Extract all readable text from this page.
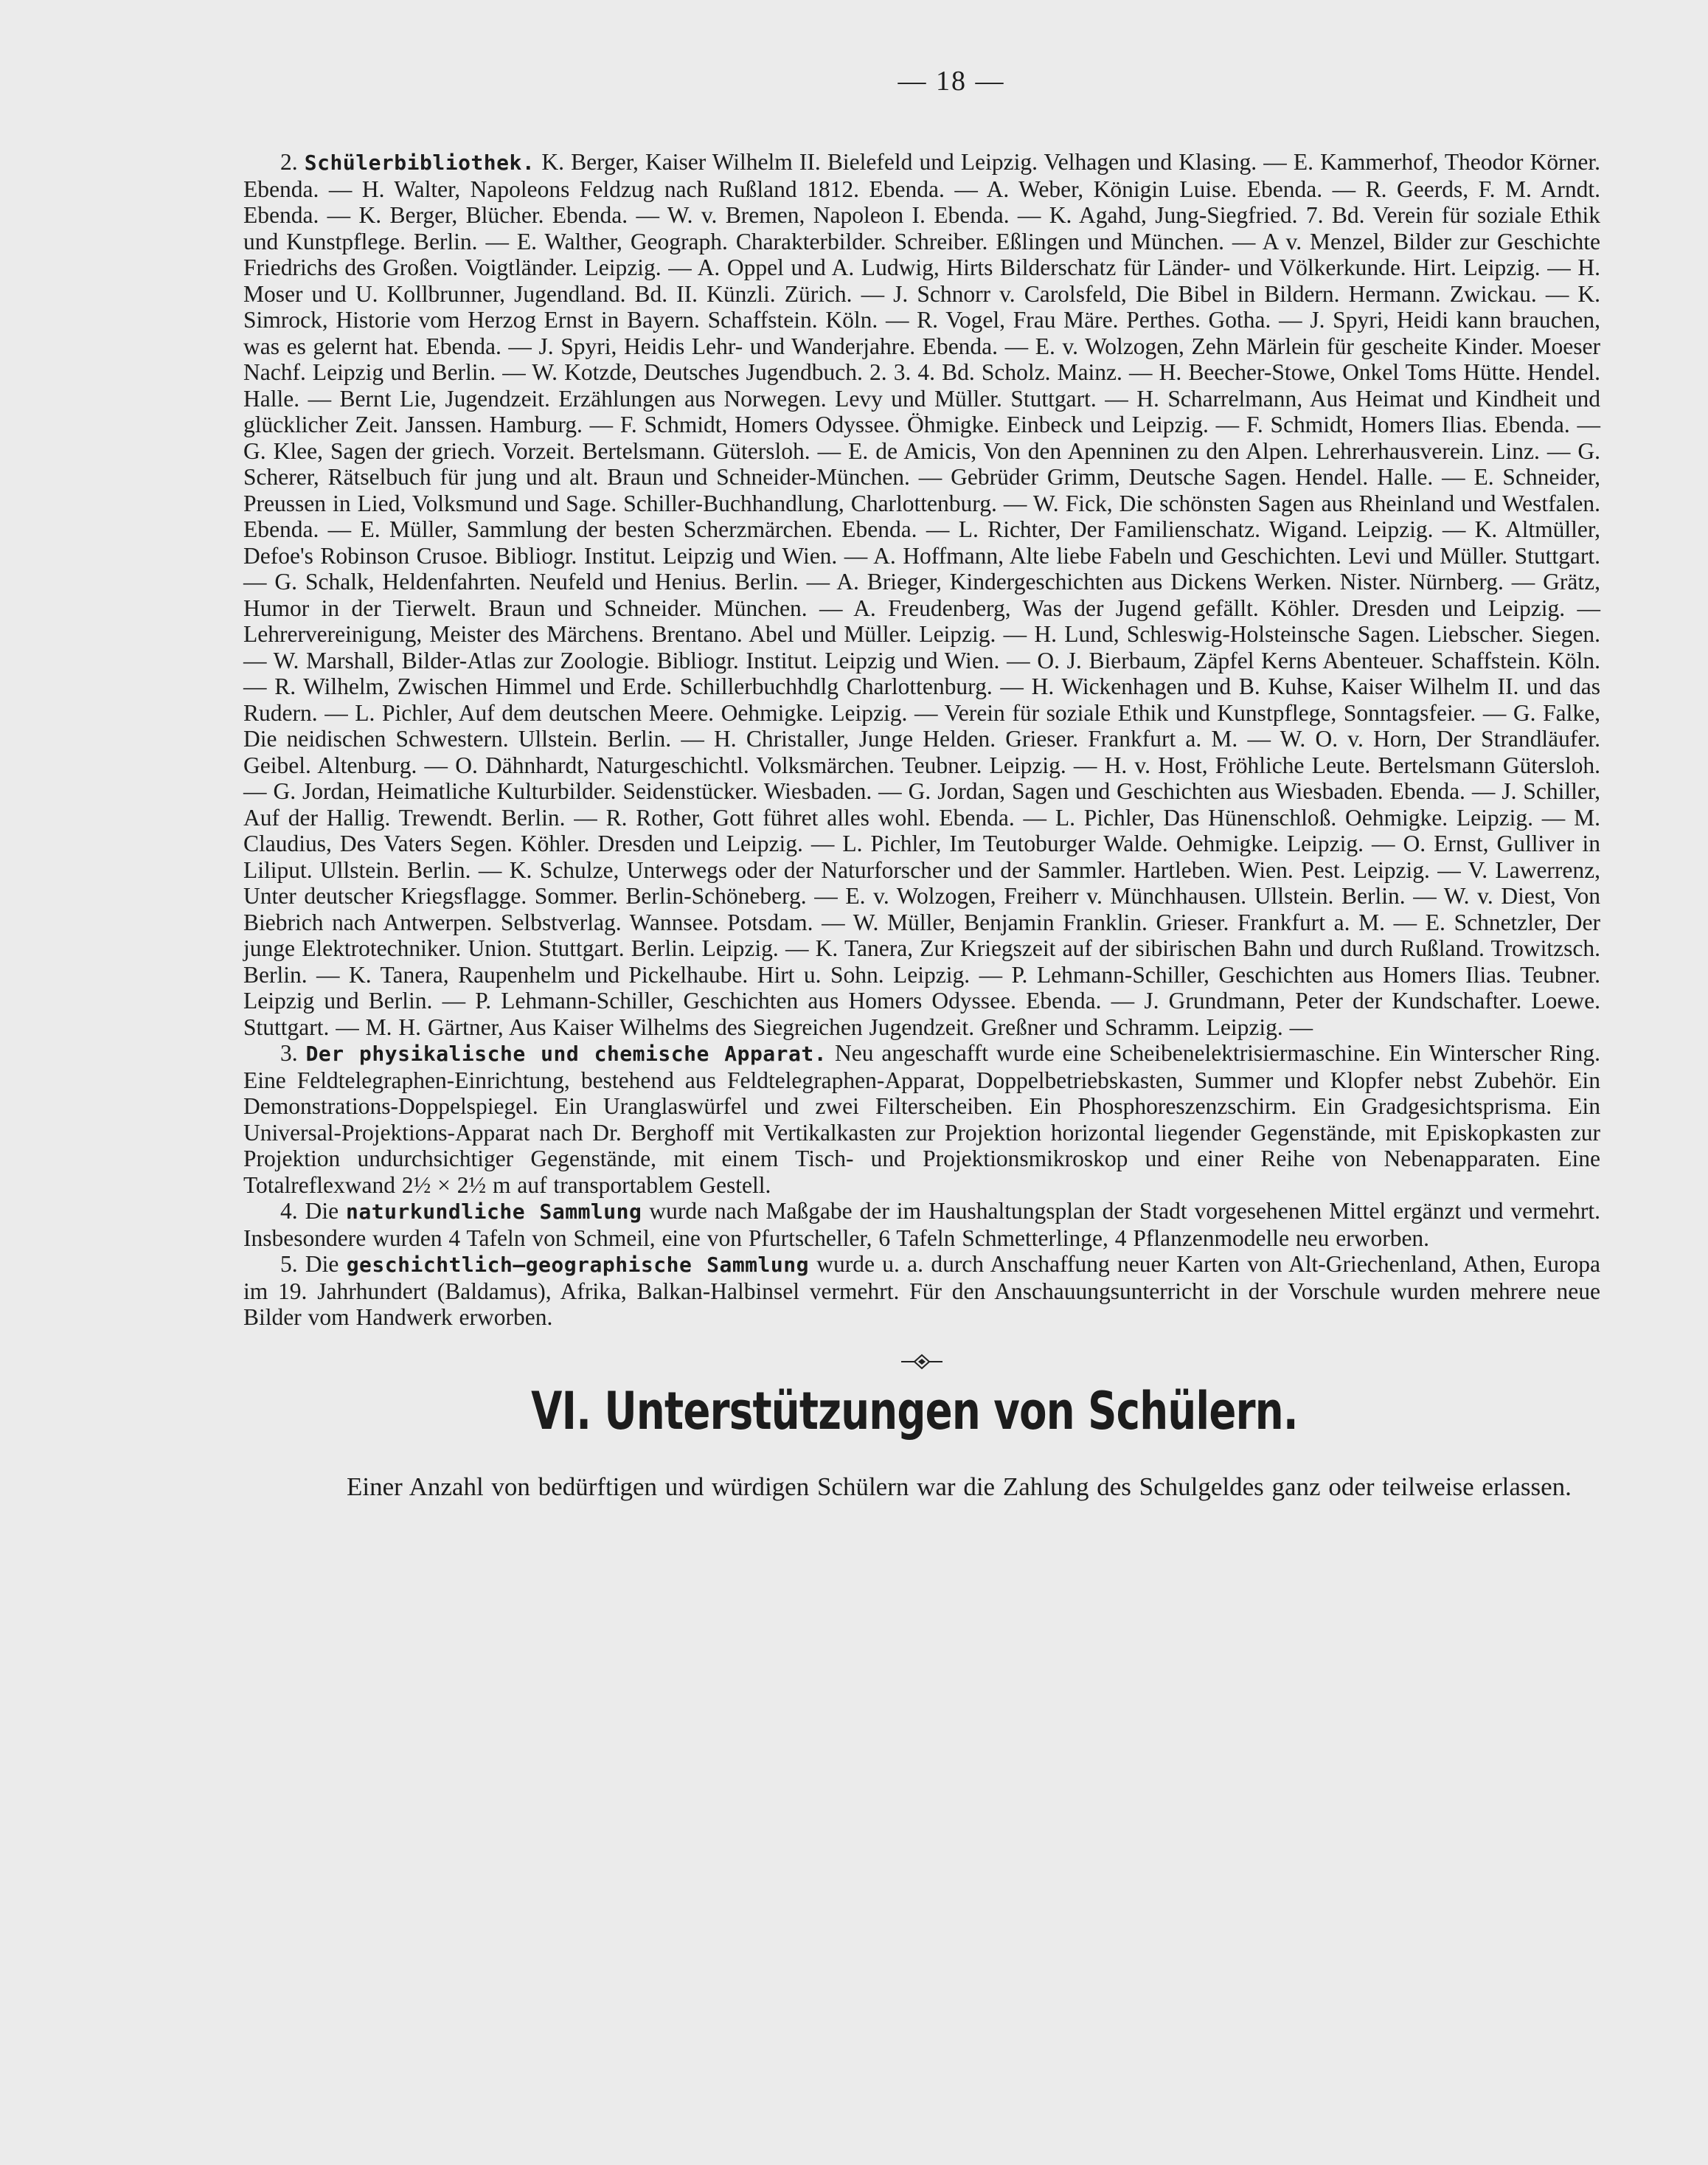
— 18 —

2. Schülerbibliothek. K. Berger, Kaiser Wilhelm II. Bielefeld und Leipzig. Velhagen und Klasing. — E. Kammerhof, Theodor Körner. Ebenda. — H. Walter, Napoleons Feldzug nach Rußland 1812. Ebenda. — A. Weber, Königin Luise. Ebenda. — R. Geerds, F. M. Arndt. Ebenda. — K. Berger, Blücher. Ebenda. — W. v. Bremen, Napoleon I. Ebenda. — K. Agahd, Jung-Siegfried. 7. Bd. Verein für soziale Ethik und Kunstpflege. Berlin. — E. Walther, Geograph. Charakterbilder. Schreiber. Eßlingen und München. — A v. Menzel, Bilder zur Geschichte Friedrichs des Großen. Voigtländer. Leipzig. — A. Oppel und A. Ludwig, Hirts Bilderschatz für Länder- und Völkerkunde. Hirt. Leipzig. — H. Moser und U. Kollbrunner, Jugendland. Bd. II. Künzli. Zürich. — J. Schnorr v. Carolsfeld, Die Bibel in Bildern. Hermann. Zwickau. — K. Simrock, Historie vom Herzog Ernst in Bayern. Schaffstein. Köln. — R. Vogel, Frau Märe. Perthes. Gotha. — J. Spyri, Heidi kann brauchen, was es gelernt hat. Ebenda. — J. Spyri, Heidis Lehr- und Wanderjahre. Ebenda. — E. v. Wolzogen, Zehn Märlein für gescheite Kinder. Moeser Nachf. Leipzig und Berlin. — W. Kotzde, Deutsches Jugendbuch. 2. 3. 4. Bd. Scholz. Mainz. — H. Beecher-Stowe, Onkel Toms Hütte. Hendel. Halle. — Bernt Lie, Jugendzeit. Erzählungen aus Norwegen. Levy und Müller. Stuttgart. — H. Scharrelmann, Aus Heimat und Kindheit und glücklicher Zeit. Janssen. Hamburg. — F. Schmidt, Homers Odyssee. Öhmigke. Einbeck und Leipzig. — F. Schmidt, Homers Ilias. Ebenda. — G. Klee, Sagen der griech. Vorzeit. Bertelsmann. Gütersloh. — E. de Amicis, Von den Apenninen zu den Alpen. Lehrerhausverein. Linz. — G. Scherer, Rätselbuch für jung und alt. Braun und Schneider-München. — Gebrüder Grimm, Deutsche Sagen. Hendel. Halle. — E. Schneider, Preussen in Lied, Volksmund und Sage. Schiller-Buchhandlung, Charlottenburg. — W. Fick, Die schönsten Sagen aus Rheinland und Westfalen. Ebenda. — E. Müller, Sammlung der besten Scherzmärchen. Ebenda. — L. Richter, Der Familienschatz. Wigand. Leipzig. — K. Altmüller, Defoe's Robinson Crusoe. Bibliogr. Institut. Leipzig und Wien. — A. Hoffmann, Alte liebe Fabeln und Geschichten. Levi und Müller. Stuttgart. — G. Schalk, Heldenfahrten. Neufeld und Henius. Berlin. — A. Brieger, Kindergeschichten aus Dickens Werken. Nister. Nürnberg. — Grätz, Humor in der Tierwelt. Braun und Schneider. München. — A. Freudenberg, Was der Jugend gefällt. Köhler. Dresden und Leipzig. — Lehrervereinigung, Meister des Märchens. Brentano. Abel und Müller. Leipzig. — H. Lund, Schleswig-Holsteinsche Sagen. Liebscher. Siegen. — W. Marshall, Bilder-Atlas zur Zoologie. Bibliogr. Institut. Leipzig und Wien. — O. J. Bierbaum, Zäpfel Kerns Abenteuer. Schaffstein. Köln. — R. Wilhelm, Zwischen Himmel und Erde. Schillerbuchhdlg Charlottenburg. — H. Wickenhagen und B. Kuhse, Kaiser Wilhelm II. und das Rudern. — L. Pichler, Auf dem deutschen Meere. Oehmigke. Leipzig. — Verein für soziale Ethik und Kunstpflege, Sonntagsfeier. — G. Falke, Die neidischen Schwestern. Ullstein. Berlin. — H. Christaller, Junge Helden. Grieser. Frankfurt a. M. — W. O. v. Horn, Der Strandläufer. Geibel. Altenburg. — O. Dähnhardt, Naturgeschichtl. Volksmärchen. Teubner. Leipzig. — H. v. Host, Fröhliche Leute. Bertelsmann Gütersloh. — G. Jordan, Heimatliche Kulturbilder. Seidenstücker. Wiesbaden. — G. Jordan, Sagen und Geschichten aus Wiesbaden. Ebenda. — J. Schiller, Auf der Hallig. Trewendt. Berlin. — R. Rother, Gott führet alles wohl. Ebenda. — L. Pichler, Das Hünenschloß. Oehmigke. Leipzig. — M. Claudius, Des Vaters Segen. Köhler. Dresden und Leipzig. — L. Pichler, Im Teutoburger Walde. Oehmigke. Leipzig. — O. Ernst, Gulliver in Liliput. Ullstein. Berlin. — K. Schulze, Unterwegs oder der Naturforscher und der Sammler. Hartleben. Wien. Pest. Leipzig. — V. Lawerrenz, Unter deutscher Kriegsflagge. Sommer. Berlin-Schöneberg. — E. v. Wolzogen, Freiherr v. Münchhausen. Ullstein. Berlin. — W. v. Diest, Von Biebrich nach Antwerpen. Selbstverlag. Wannsee. Potsdam. — W. Müller, Benjamin Franklin. Grieser. Frankfurt a. M. — E. Schnetzler, Der junge Elektrotechniker. Union. Stuttgart. Berlin. Leipzig. — K. Tanera, Zur Kriegszeit auf der sibirischen Bahn und durch Rußland. Trowitzsch. Berlin. — K. Tanera, Raupenhelm und Pickelhaube. Hirt u. Sohn. Leipzig. — P. Lehmann-Schiller, Geschichten aus Homers Ilias. Teubner. Leipzig und Berlin. — P. Lehmann-Schiller, Geschichten aus Homers Odyssee. Ebenda. — J. Grundmann, Peter der Kundschafter. Loewe. Stuttgart. — M. H. Gärtner, Aus Kaiser Wilhelms des Siegreichen Jugendzeit. Greßner und Schramm. Leipzig. —

3. Der physikalische und chemische Apparat. Neu angeschafft wurde eine Scheibenelektrisiermaschine. Ein Winterscher Ring. Eine Feldtelegraphen-Einrichtung, bestehend aus Feldtelegraphen-Apparat, Doppelbetriebskasten, Summer und Klopfer nebst Zubehör. Ein Demonstrations-Doppelspiegel. Ein Uranglaswürfel und zwei Filterscheiben. Ein Phosphoreszenzschirm. Ein Gradgesichtsprisma. Ein Universal-Projektions-Apparat nach Dr. Berghoff mit Vertikalkasten zur Projektion horizontal liegender Gegenstände, mit Episkopkasten zur Projektion undurchsichtiger Gegenstände, mit einem Tisch- und Projektionsmikroskop und einer Reihe von Nebenapparaten. Eine Totalreflexwand 2½ × 2½ m auf transportablem Gestell.

4. Die naturkundliche Sammlung wurde nach Maßgabe der im Haushaltungsplan der Stadt vorgesehenen Mittel ergänzt und vermehrt. Insbesondere wurden 4 Tafeln von Schmeil, eine von Pfurtscheller, 6 Tafeln Schmetterlinge, 4 Pflanzenmodelle neu erworben.

5. Die geschichtlich—geographische Sammlung wurde u. a. durch Anschaffung neuer Karten von Alt-Griechenland, Athen, Europa im 19. Jahrhundert (Baldamus), Afrika, Balkan-Halbinsel vermehrt. Für den Anschauungsunterricht in der Vorschule wurden mehrere neue Bilder vom Handwerk erworben.

VI. Unterstützungen von Schülern.

Einer Anzahl von bedürftigen und würdigen Schülern war die Zahlung des Schulgeldes ganz oder teilweise erlassen.
